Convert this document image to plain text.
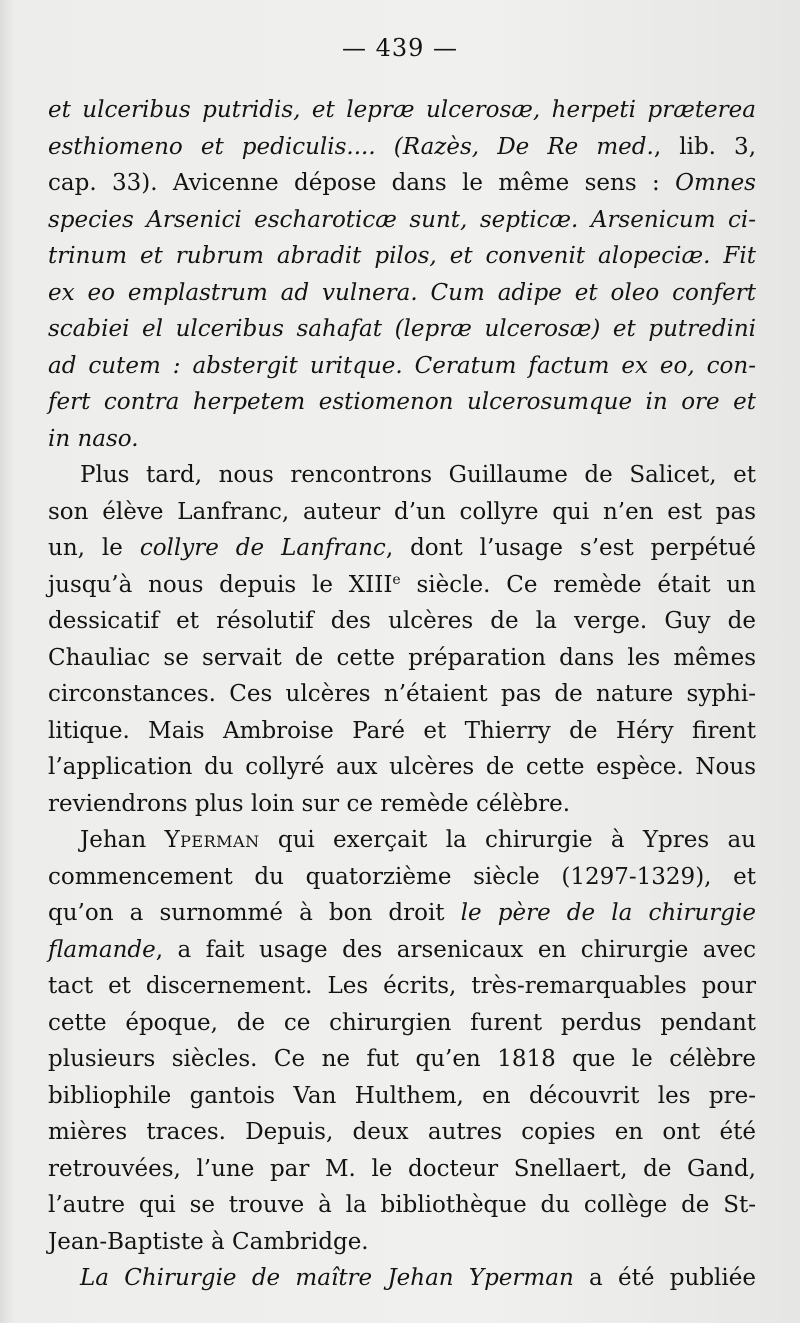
— 439 —
et ulceribus putridis, et lepræ ulcerosæ, herpeti præterea
esthiomeno et pediculis.... (Razès, De Re med., lib. 3,
cap. 33). Avicenne dépose dans le même sens : Omnes
species Arsenici escharoticæ sunt, septicæ. Arsenicum ci-
trinum et rubrum abradit pilos, et convenit alopeciæ. Fit
ex eo emplastrum ad vulnera. Cum adipe et oleo confert
scabiei el ulceribus sahafat (lepræ ulcerosæ) et putredini
ad cutem : abstergit uritque. Ceratum factum ex eo, con-
fert contra herpetem estiomenon ulcerosumque in ore et
in naso.
Plus tard, nous rencontrons Guillaume de Salicet, et
son élève Lanfranc, auteur d’un collyre qui n’en est pas
un, le collyre de Lanfranc, dont l’usage s’est perpétué
jusqu’à nous depuis le XIIIe siècle. Ce remède était un
dessicatif et résolutif des ulcères de la verge. Guy de
Chauliac se servait de cette préparation dans les mêmes
circonstances. Ces ulcères n’étaient pas de nature syphi-
litique. Mais Ambroise Paré et Thierry de Héry firent
l’application du collyré aux ulcères de cette espèce. Nous
reviendrons plus loin sur ce remède célèbre.
Jehan Yperman qui exerçait la chirurgie à Ypres au
commencement du quatorzième siècle (1297-1329), et
qu’on a surnommé à bon droit le père de la chirurgie
flamande, a fait usage des arsenicaux en chirurgie avec
tact et discernement. Les écrits, très-remarquables pour
cette époque, de ce chirurgien furent perdus pendant
plusieurs siècles. Ce ne fut qu’en 1818 que le célèbre
bibliophile gantois Van Hulthem, en découvrit les pre-
mières traces. Depuis, deux autres copies en ont été
retrouvées, l’une par M. le docteur Snellaert, de Gand,
l’autre qui se trouve à la bibliothèque du collège de St-
Jean-Baptiste à Cambridge.
La Chirurgie de maître Jehan Yperman a été publiée
